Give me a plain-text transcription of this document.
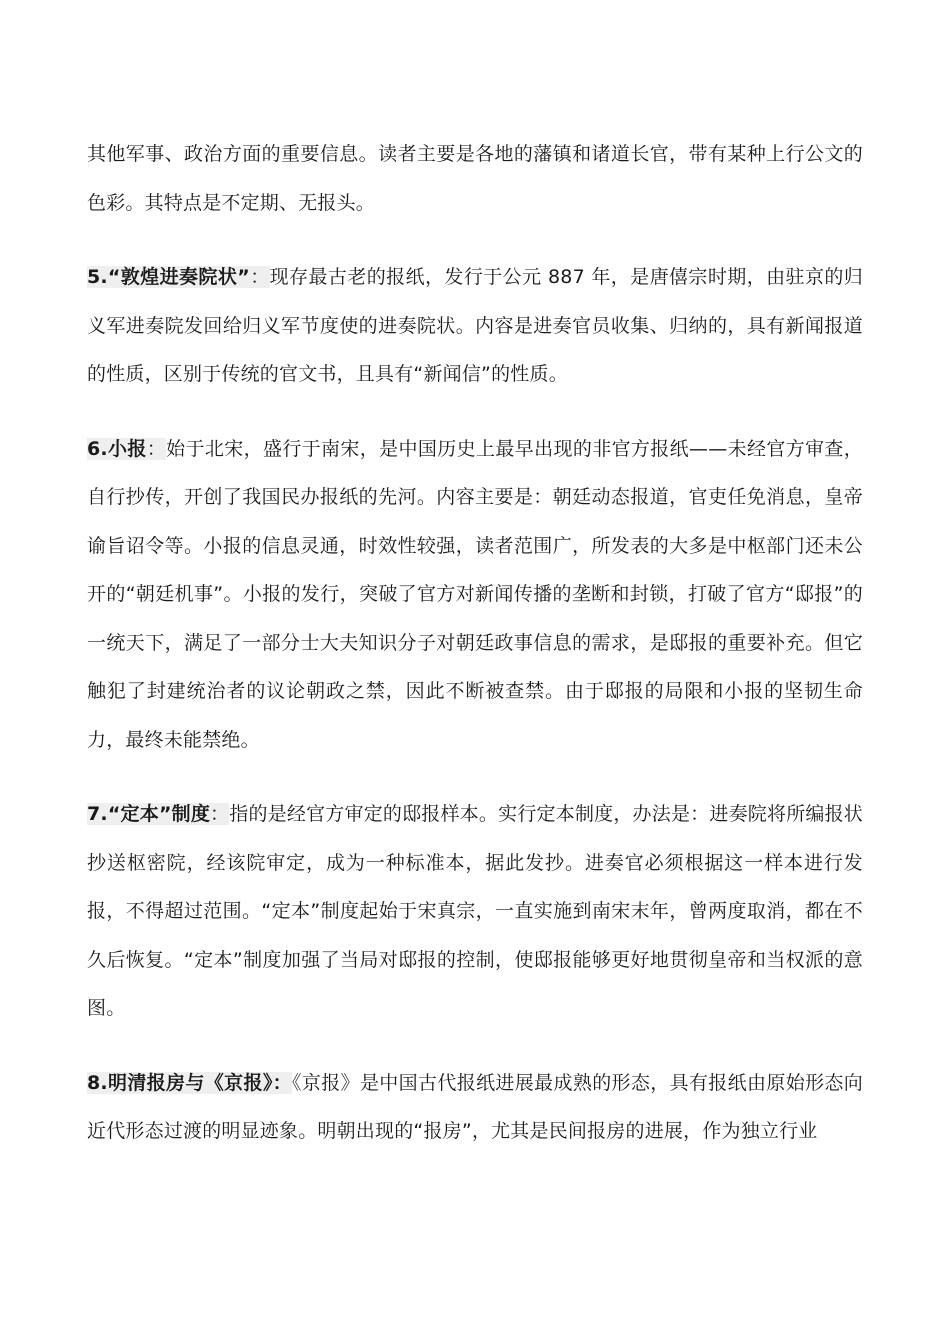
其他军事、政治方面的重要信息。读者主要是各地的藩镇和诸道长官，带有某种上行公文的色彩。其特点是不定期、无报头。

5.“敦煌进奏院状”：现存最古老的报纸，发行于公元 887 年，是唐僖宗时期，由驻京的归义军进奏院发回给归义军节度使的进奏院状。内容是进奏官员收集、归纳的，具有新闻报道的性质，区别于传统的官文书，且具有“新闻信”的性质。

6.小报：始于北宋，盛行于南宋，是中国历史上最早出现的非官方报纸——未经官方审查，自行抄传，开创了我国民办报纸的先河。内容主要是：朝廷动态报道，官吏任免消息，皇帝谕旨诏令等。小报的信息灵通，时效性较强，读者范围广，所发表的大多是中枢部门还未公开的“朝廷机事”。小报的发行，突破了官方对新闻传播的垄断和封锁，打破了官方“邸报”的一统天下，满足了一部分士大夫知识分子对朝廷政事信息的需求，是邸报的重要补充。但它触犯了封建统治者的议论朝政之禁，因此不断被查禁。由于邸报的局限和小报的坚韧生命力，最终未能禁绝。

7.“定本”制度：指的是经官方审定的邸报样本。实行定本制度，办法是：进奏院将所编报状抄送枢密院，经该院审定，成为一种标准本，据此发抄。进奏官必须根据这一样本进行发报，不得超过范围。“定本”制度起始于宋真宗，一直实施到南宋末年，曾两度取消，都在不久后恢复。“定本”制度加强了当局对邸报的控制，使邸报能够更好地贯彻皇帝和当权派的意图。

8.明清报房与《京报》：《京报》是中国古代报纸进展最成熟的形态，具有报纸由原始形态向近代形态过渡的明显迹象。明朝出现的“报房”，尤其是民间报房的进展，作为独立行业
